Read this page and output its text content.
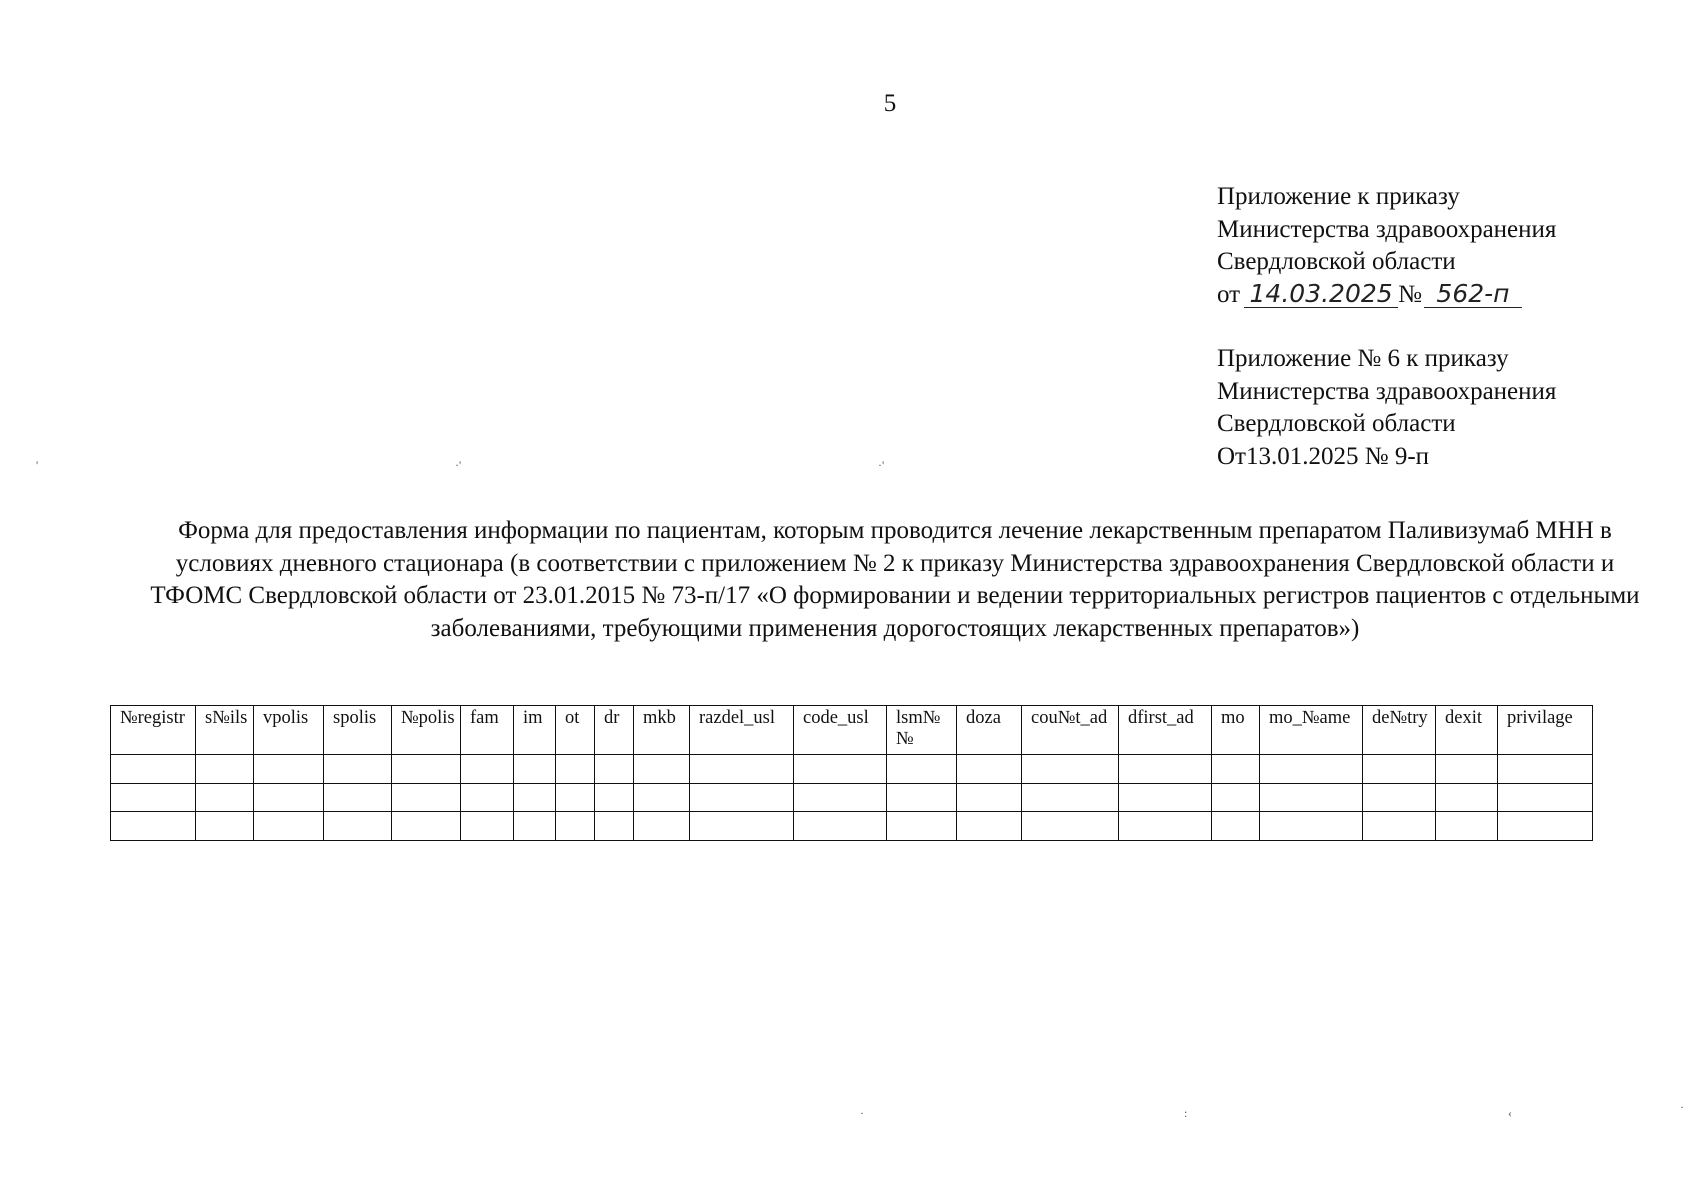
5
Приложение к приказу
Министерства здравоохранения
Свердловской области
от 14.03.2025 № 562-п
Приложение № 6 к приказу
Министерства здравоохранения
Свердловской области
От13.01.2025 № 9-п
'	·'	·'
Форма для предоставления информации по пациентам, которым проводится лечение лекарственным препаратом Паливизумаб МНН в условиях дневного стационара (в соответствии с приложением № 2 к приказу Министерства здравоохранения Свердловской области и ТФОМС Свердловской области от 23.01.2015 № 73-п/17 «О формировании и ведении территориальных регистров пациентов с отдельными заболеваниями, требующими применения дорогостоящих лекарственных препаратов»)
№registr	s№ils	vpolis	spolis	№polis	fam	im	ot	dr	mkb	razdel_usl	code_usl	lsm№№	doza	cou№t_ad	dfirst_ad	mo	mo_№ame	de№try	dexit	privilage

·	:	‹	·
